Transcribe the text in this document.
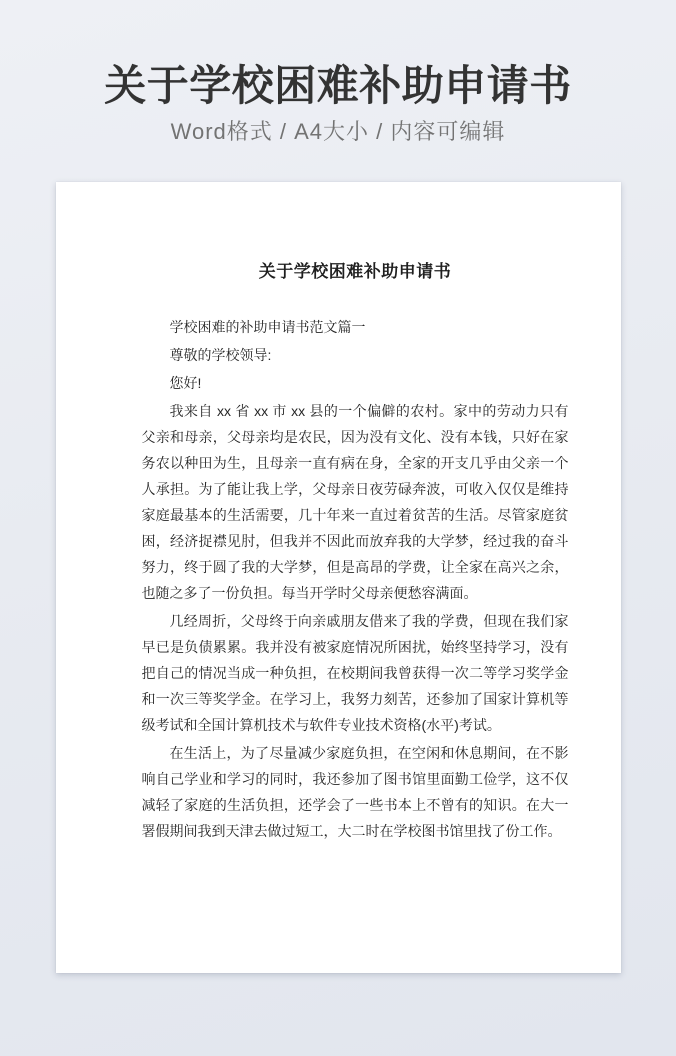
关于学校困难补助申请书
Word格式 / A4大小 / 内容可编辑
关于学校困难补助申请书

学校困难的补助申请书范文篇一

尊敬的学校领导:

您好!

我来自 xx 省 xx 市 xx 县的一个偏僻的农村。家中的劳动力只有父亲和母亲，父母亲均是农民，因为没有文化、没有本钱，只好在家务农以种田为生，且母亲一直有病在身，全家的开支几乎由父亲一个人承担。为了能让我上学，父母亲日夜劳碌奔波，可收入仅仅是维持家庭最基本的生活需要，几十年来一直过着贫苦的生活。尽管家庭贫困，经济捉襟见肘，但我并不因此而放弃我的大学梦，经过我的奋斗努力，终于圆了我的大学梦，但是高昂的学费，让全家在高兴之余，也随之多了一份负担。每当开学时父母亲便愁容满面。

几经周折，父母终于向亲戚朋友借来了我的学费，但现在我们家早已是负债累累。我并没有被家庭情况所困扰，始终坚持学习，没有把自己的情况当成一种负担，在校期间我曾获得一次二等学习奖学金和一次三等奖学金。在学习上，我努力刻苦，还参加了国家计算机等级考试和全国计算机技术与软件专业技术资格(水平)考试。

在生活上，为了尽量减少家庭负担，在空闲和休息期间，在不影响自己学业和学习的同时，我还参加了图书馆里面勤工俭学，这不仅减轻了家庭的生活负担，还学会了一些书本上不曾有的知识。在大一署假期间我到天津去做过短工，大二时在学校图书馆里找了份工作。
